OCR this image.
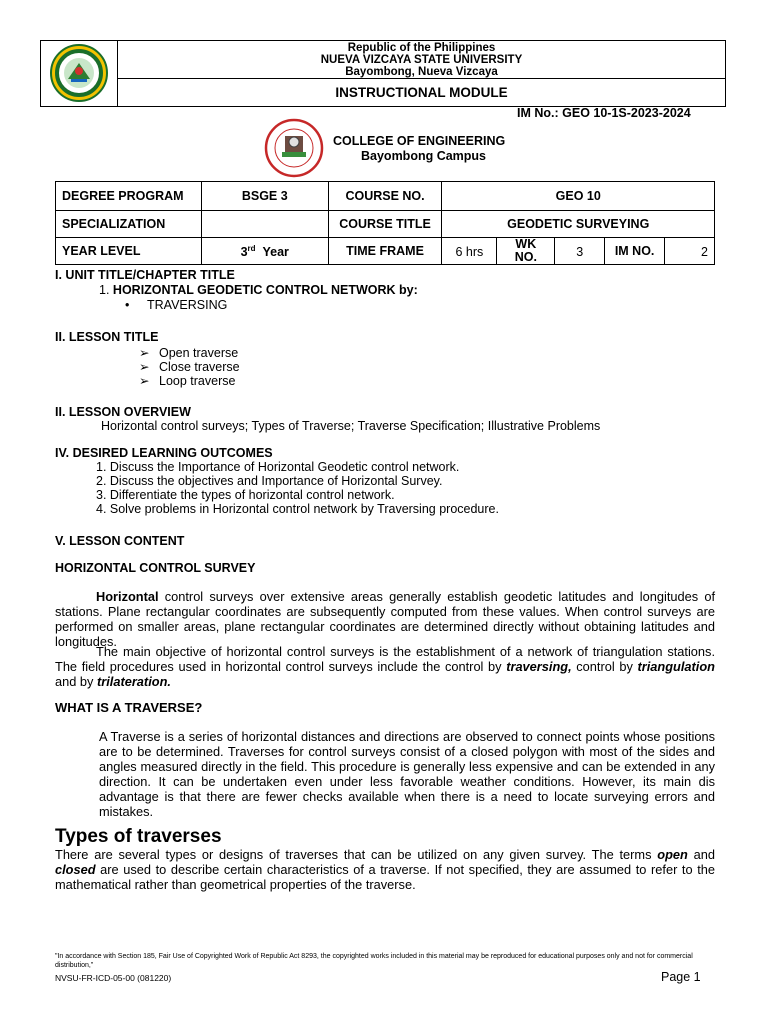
Republic of the Philippines
NUEVA VIZCAYA STATE UNIVERSITY
Bayombong, Nueva Vizcaya
INSTRUCTIONAL MODULE
IM No.: GEO 10-1S-2023-2024
COLLEGE OF ENGINEERING
Bayombong Campus
DEGREE PROGRAM	BSGE 3	COURSE NO.	GEO 10				
SPECIALIZATION		COURSE TITLE	GEODETIC SURVEYING				
YEAR LEVEL	3rd Year	TIME FRAME	6 hrs	WK NO.	3	IM NO.	2
I. UNIT TITLE/CHAPTER TITLE
1. HORIZONTAL GEODETIC CONTROL NETWORK by:
• TRAVERSING
II. LESSON TITLE
➢ Open traverse
➢ Close traverse
➢ Loop traverse
II. LESSON OVERVIEW
Horizontal control surveys; Types of Traverse; Traverse Specification; Illustrative Problems
IV. DESIRED LEARNING OUTCOMES
1. Discuss the Importance of Horizontal Geodetic control network.
2. Discuss the objectives and Importance of Horizontal Survey.
3. Differentiate the types of horizontal control network.
4. Solve problems in Horizontal control network by Traversing procedure.
V. LESSON CONTENT
HORIZONTAL CONTROL SURVEY
Horizontal control surveys over extensive areas generally establish geodetic latitudes and longitudes of stations. Plane rectangular coordinates are subsequently computed from these values. When control surveys are performed on smaller areas, plane rectangular coordinates are determined directly without obtaining latitudes and longitudes.
The main objective of horizontal control surveys is the establishment of a network of triangulation stations. The field procedures used in horizontal control surveys include the control by traversing, control by triangulation and by trilateration.
WHAT IS A TRAVERSE?
A Traverse is a series of horizontal distances and directions are observed to connect points whose positions are to be determined. Traverses for control surveys consist of a closed polygon with most of the sides and angles measured directly in the field. This procedure is generally less expensive and can be extended in any direction. It can be undertaken even under less favorable weather conditions. However, its main dis advantage is that there are fewer checks available when there is a need to locate surveying errors and mistakes.
Types of traverses
There are several types or designs of traverses that can be utilized on any given survey. The terms open and closed are used to describe certain characteristics of a traverse. If not specified, they are assumed to refer to the mathematical rather than geometrical properties of the traverse.
"In accordance with Section 185, Fair Use of Copyrighted Work of Republic Act 8293, the copyrighted works included in this material may be reproduced for educational purposes only and not for commercial distribution,"
NVSU-FR-ICD-05-00 (081220)	Page 1
